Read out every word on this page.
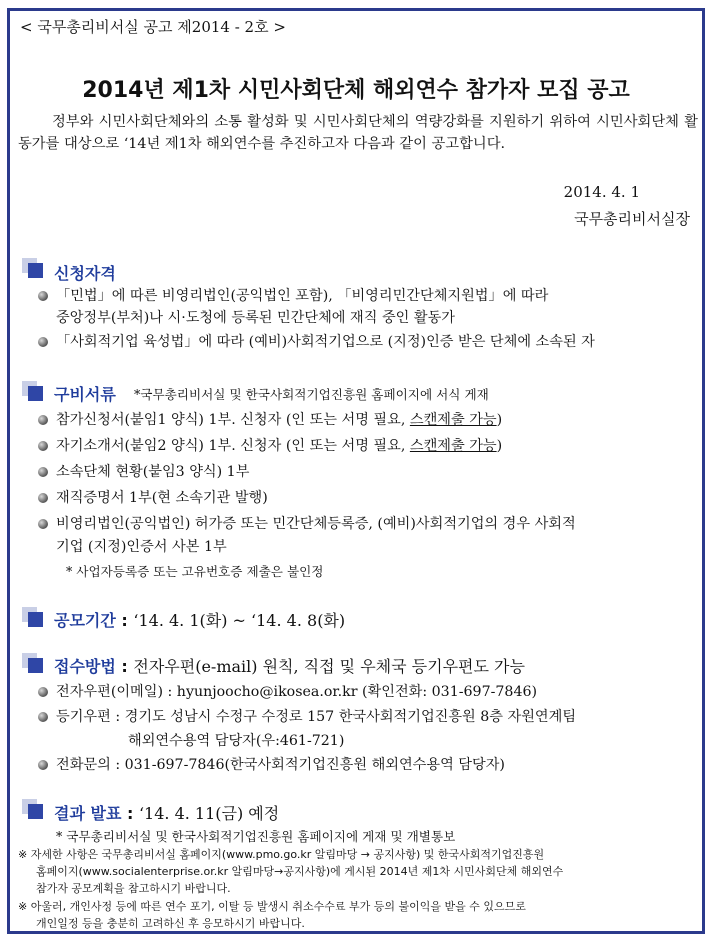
< 국무총리비서실 공고 제2014 - 2호 >
2014년 제1차 시민사회단체 해외연수 참가자 모집 공고
정부와 시민사회단체와의 소통 활성화 및 시민사회단체의 역량강화를 지원하기 위하여 시민사회단체 활동가를 대상으로 ‘14년 제1차 해외연수를 추진하고자 다음과 같이 공고합니다.
2014. 4. 1
국무총리비서실장
신청자격
「민법」에 따른 비영리법인(공익법인 포함), 「비영리민간단체지원법」에 따라
중앙정부(부처)나 시·도청에 등록된 민간단체에 재직 중인 활동가
「사회적기업 육성법」에 따라 (예비)사회적기업으로 (지정)인증 받은 단체에 소속된 자
구비서류 *국무총리비서실 및 한국사회적기업진흥원 홈페이지에 서식 게재
참가신청서(붙임1 양식) 1부. 신청자 (인 또는 서명 필요, 스캔제출 가능)
자기소개서(붙임2 양식) 1부. 신청자 (인 또는 서명 필요, 스캔제출 가능)
소속단체 현황(붙임3 양식) 1부
재직증명서 1부(현 소속기관 발행)
비영리법인(공익법인) 허가증 또는 민간단체등록증, (예비)사회적기업의 경우 사회적
기업 (지정)인증서 사본 1부
* 사업자등록증 또는 고유번호증 제출은 불인정
공모기간 : ‘14. 4. 1(화) ~ ‘14. 4. 8(화)
접수방법 : 전자우편(e-mail) 원칙, 직접 및 우체국 등기우편도 가능
전자우편(이메일) : hyunjoocho@ikosea.or.kr (확인전화: 031-697-7846)
등기우편 : 경기도 성남시 수정구 수정로 157 한국사회적기업진흥원 8층 자원연계팀
해외연수용역 담당자(우:461-721)
전화문의 : 031-697-7846(한국사회적기업진흥원 해외연수용역 담당자)
결과 발표 : ‘14. 4. 11(금) 예정
* 국무총리비서실 및 한국사회적기업진흥원 홈페이지에 게재 및 개별통보
※ 자세한 사항은 국무총리비서실 홈페이지(www.pmo.go.kr 알림마당 → 공지사항) 및 한국사회적기업진흥원
홈페이지(www.socialenterprise.or.kr 알림마당→공지사항)에 게시된 2014년 제1차 시민사회단체 해외연수
참가자 공모계획을 참고하시기 바랍니다.
※ 아울러, 개인사정 등에 따른 연수 포기, 이탈 등 발생시 취소수수료 부가 등의 불이익을 받을 수 있으므로
개인일정 등을 충분히 고려하신 후 응모하시기 바랍니다.
